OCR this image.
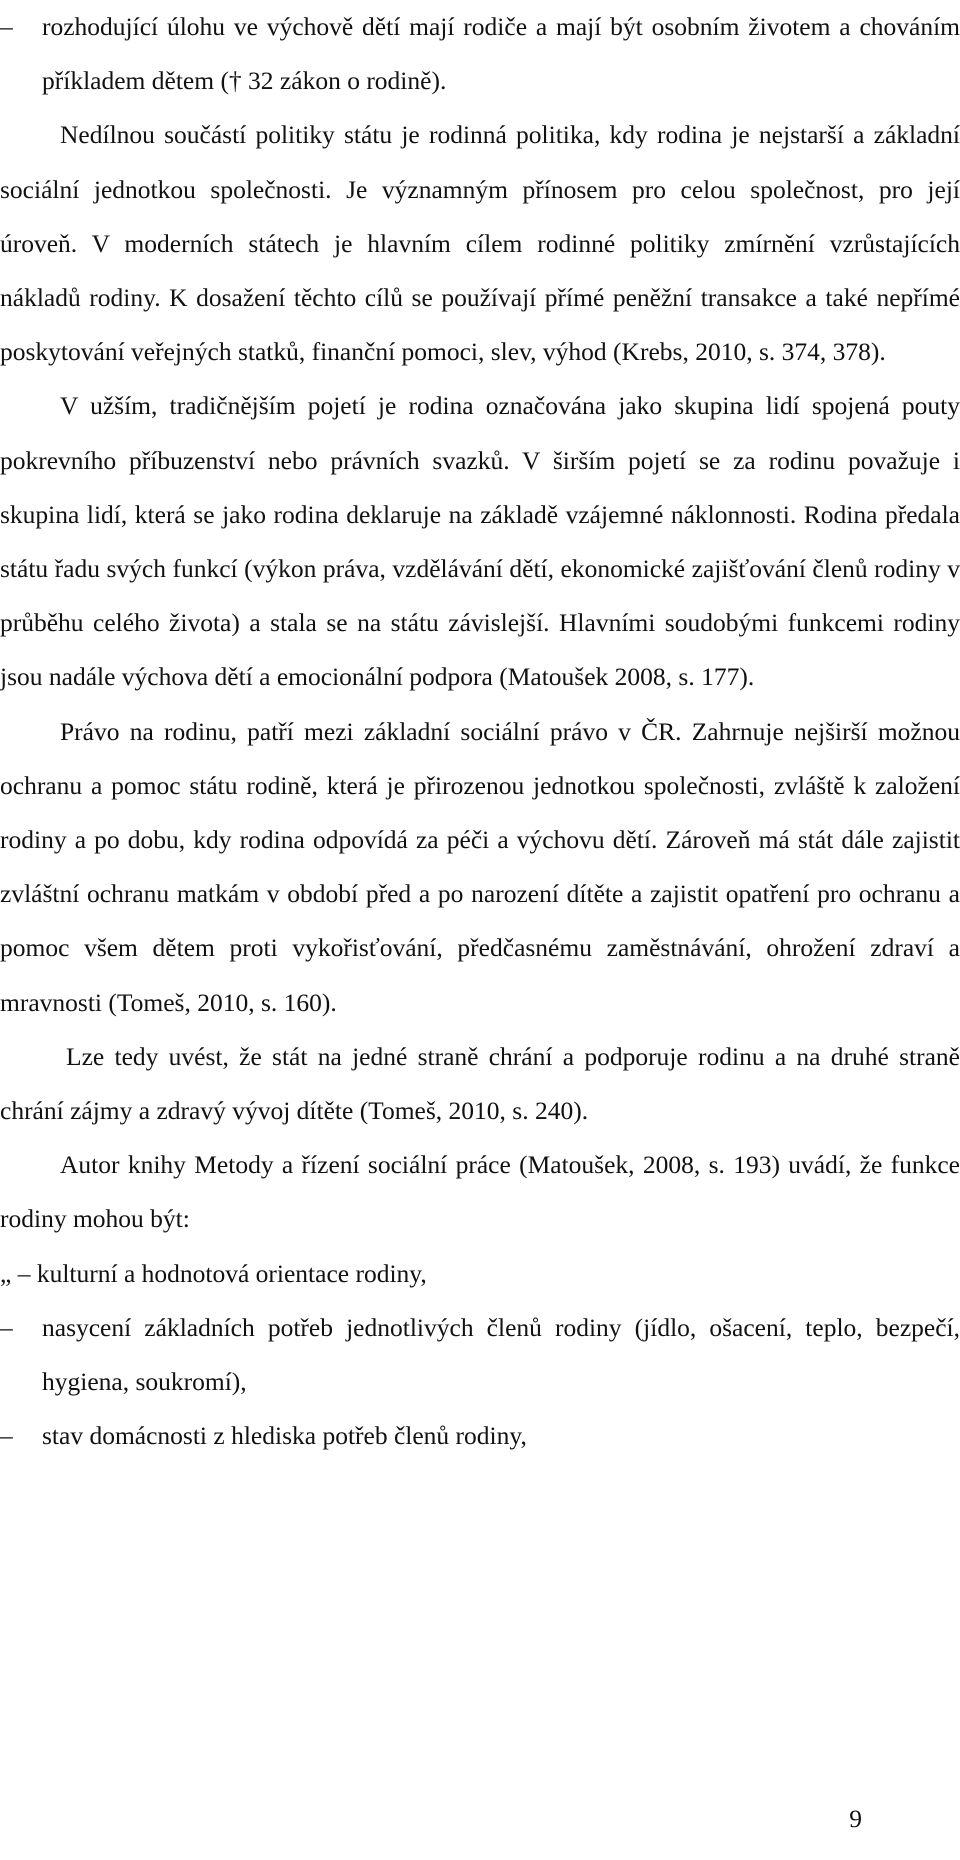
– rozhodující úlohu ve výchově dětí mají rodiče a mají být osobním životem a chováním příkladem dětem († 32 zákon o rodině).

Nedílnou součástí politiky státu je rodinná politika, kdy rodina je nejstarší a základní sociální jednotkou společnosti. Je významným přínosem pro celou společnost, pro její úroveň. V moderních státech je hlavním cílem rodinné politiky zmírnění vzrůstajících nákladů rodiny. K dosažení těchto cílů se používají přímé peněžní transakce a také nepřímé poskytování veřejných statků, finanční pomoci, slev, výhod (Krebs, 2010, s. 374, 378).

V užším, tradičnějším pojetí je rodina označována jako skupina lidí spojená pouty pokrevního příbuzenství nebo právních svazků. V širším pojetí se za rodinu považuje i skupina lidí, která se jako rodina deklaruje na základě vzájemné náklonnosti. Rodina předala státu řadu svých funkcí (výkon práva, vzdělávání dětí, ekonomické zajišťování členů rodiny v průběhu celého života) a stala se na státu závislejší. Hlavními soudobými funkcemi rodiny jsou nadále výchova dětí a emocionální podpora (Matoušek 2008, s. 177).

Právo na rodinu, patří mezi základní sociální právo v ČR. Zahrnuje nejširší možnou ochranu a pomoc státu rodině, která je přirozenou jednotkou společnosti, zvláště k založení rodiny a po dobu, kdy rodina odpovídá za péči a výchovu dětí. Zároveň má stát dále zajistit zvláštní ochranu matkám v období před a po narození dítěte a zajistit opatření pro ochranu a pomoc všem dětem proti vykořisťování, předčasnému zaměstnávání, ohrožení zdraví a mravnosti (Tomeš, 2010, s. 160).

Lze tedy uvést, že stát na jedné straně chrání a podporuje rodinu a na druhé straně chrání zájmy a zdravý vývoj dítěte (Tomeš, 2010, s. 240).

Autor knihy Metody a řízení sociální práce (Matoušek, 2008, s. 193) uvádí, že funkce rodiny mohou být:

„ – kulturní a hodnotová orientace rodiny,
– nasycení základních potřeb jednotlivých členů rodiny (jídlo, ošacení, teplo, bezpečí, hygiena, soukromí),
– stav domácnosti z hlediska potřeb členů rodiny,
9
